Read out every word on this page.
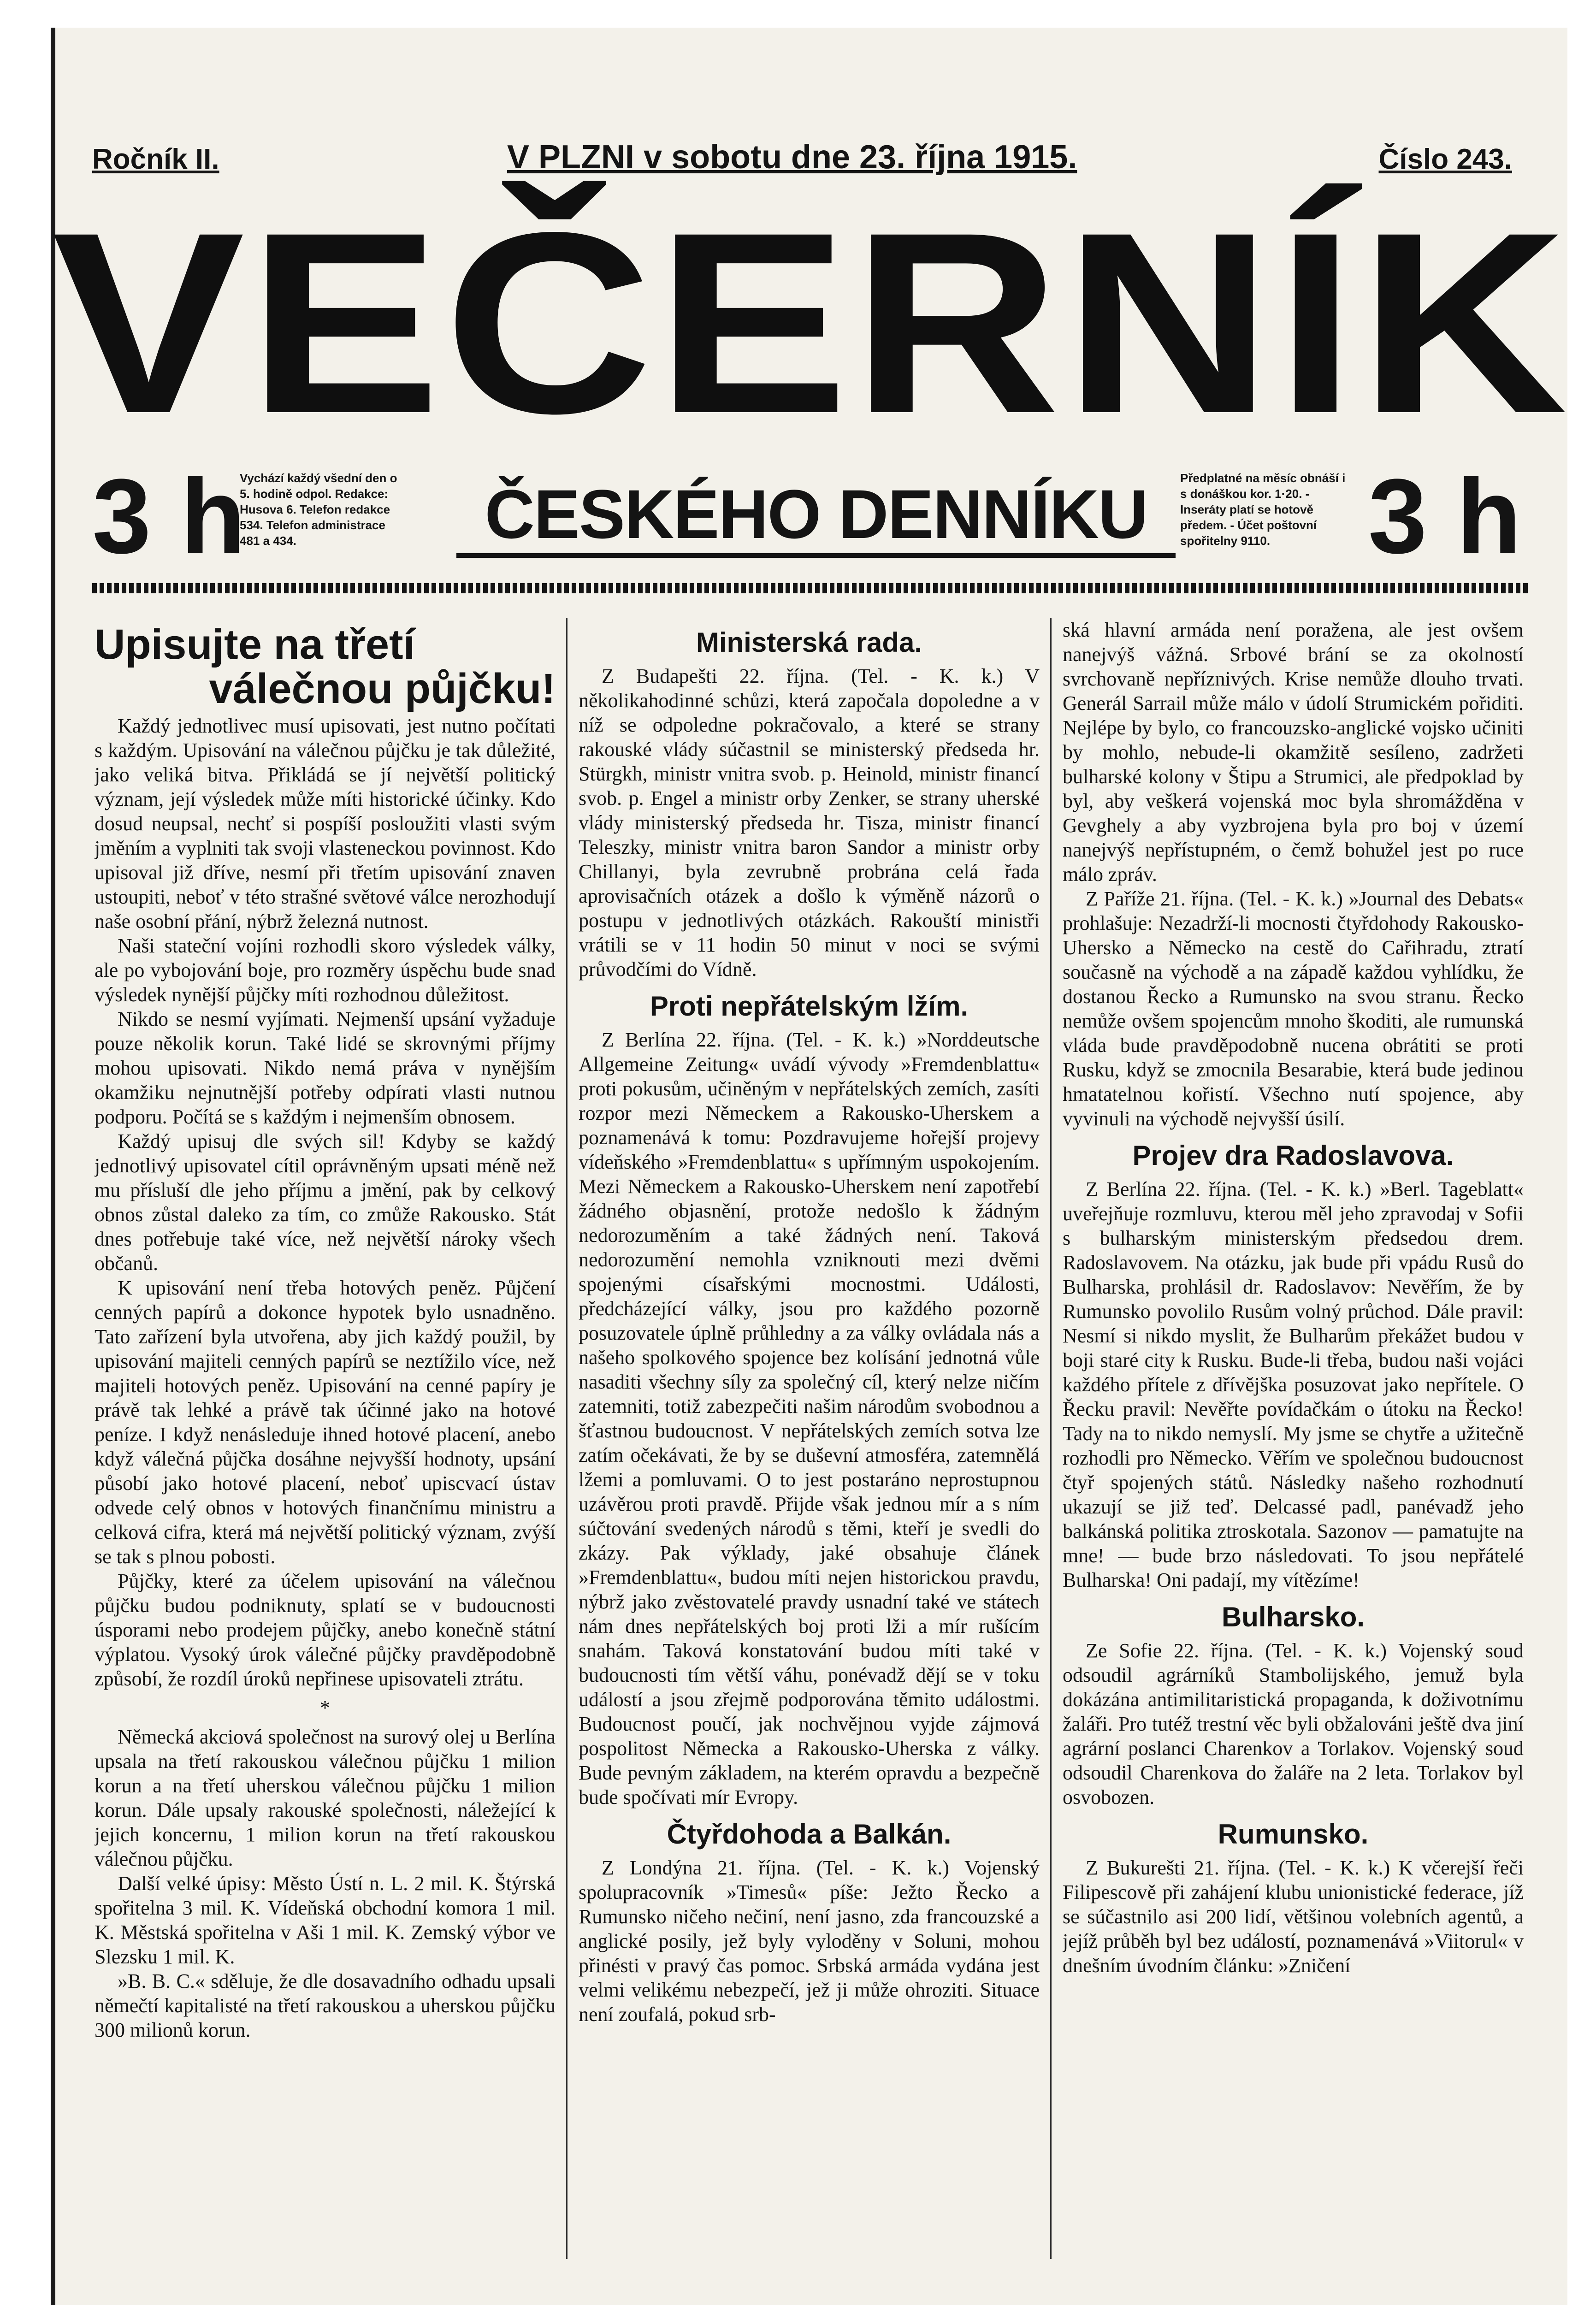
Ročník II.	V PLZNI v sobotu dne 23. října 1915.	Číslo 243.
VEČERNÍK
3 h
Vychází každý všední den o 5. hodině odpol. Redakce: Husova 6. Telefon redakce 534. Telefon administrace 481 a 434.	ČESKÉHO DENNÍKU	Předplatné na měsíc obnáší i s donáškou kor. 1·20. - Inseráty platí se hotově předem. - Účet poštovní spořitelny 9110. 3 h
Upisujte na třetí
válečnou půjčku!

Každý jednotlivec musí upisovati, jest nutno počítati s každým. Upisování na válečnou půjčku je tak důležité, jako veliká bitva. Přikládá se jí největší politický význam, její výsledek může míti historické účinky. Kdo dosud neupsal, nechť si pospíší posloužiti vlasti svým jměním a vyplniti tak svoji vlasteneckou povinnost. Kdo upisoval již dříve, nesmí při třetím upisování znaven ustoupiti, neboť v této strašné světové válce nerozhodují naše osobní přání, nýbrž železná nutnost.

Naši stateční vojíni rozhodli skoro výsledek války, ale po vybojování boje, pro rozměry úspěchu bude snad výsledek nynější půjčky míti rozhodnou důležitost.

Nikdo se nesmí vyjímati. Nejmenší upsání vyžaduje pouze několik korun. Také lidé se skrovnými příjmy mohou upisovati. Nikdo nemá práva v nynějším okamžiku nejnutnější potřeby odpírati vlasti nutnou podporu. Počítá se s každým i nejmenším obnosem.

Každý upisuj dle svých sil! Kdyby se každý jednotlivý upisovatel cítil oprávněným upsati méně než mu přísluší dle jeho příjmu a jmění, pak by celkový obnos zůstal daleko za tím, co zmůže Rakousko. Stát dnes potřebuje také více, než největší nároky všech občanů.

K upisování není třeba hotových peněz. Půjčení cenných papírů a dokonce hypotek bylo usnadněno. Tato zařízení byla utvořena, aby jich každý použil, by upisování majiteli cenných papírů se neztížilo více, než majiteli hotových peněz. Upisování na cenné papíry je právě tak lehké a právě tak účinné jako na hotové peníze. I když nenásleduje ihned hotové placení, anebo když válečná půjčka dosáhne nejvyšší hodnoty, upsání působí jako hotové placení, neboť upiscvací ústav odvede celý obnos v hotových finančnímu ministru a celková cifra, která má největší politický význam, zvýší se tak s plnou pobosti.

Půjčky, které za účelem upisování na válečnou půjčku budou podniknuty, splatí se v budoucnosti úsporami nebo prodejem půjčky, anebo konečně státní výplatou. Vysoký úrok válečné půjčky pravděpodobně způsobí, že rozdíl úroků nepřinese upisovateli ztrátu.

*

Německá akciová společnost na surový olej u Berlína upsala na třetí rakouskou válečnou půjčku 1 milion korun a na třetí uherskou válečnou půjčku 1 milion korun. Dále upsaly rakouské společnosti, náležející k jejich koncernu, 1 milion korun na třetí rakouskou válečnou půjčku.

Další velké úpisy: Město Ústí n. L. 2 mil. K. Štýrská spořitelna 3 mil. K. Vídeňská obchodní komora 1 mil. K. Městská spořitelna v Aši 1 mil. K. Zemský výbor ve Slezsku 1 mil. K.

»B. B. C.« sděluje, že dle dosavadního odhadu upsali němečtí kapitalisté na třetí rakouskou a uherskou půjčku 300 milionů korun.

Ministerská rada.

Z Budapešti 22. října. (Tel. - K. k.) V několikahodinné schůzi, která započala dopoledne a v níž se odpoledne pokračovalo, a které se strany rakouské vlády súčastnil se ministerský předseda hr. Stürgkh, ministr vnitra svob. p. Heinold, ministr financí svob. p. Engel a ministr orby Zenker, se strany uherské vlády ministerský předseda hr. Tisza, ministr financí Teleszky, ministr vnitra baron Sandor a ministr orby Chillanyi, byla zevrubně probrána celá řada aprovisačních otázek a došlo k výměně názorů o postupu v jednotlivých otázkách. Rakouští ministři vrátili se v 11 hodin 50 minut v noci se svými průvodčími do Vídně.

Proti nepřátelským lžím.

Z Berlína 22. října. (Tel. - K. k.) »Norddeutsche Allgemeine Zeitung« uvádí vývody »Fremdenblattu« proti pokusům, učiněným v nepřátelských zemích, zasíti rozpor mezi Německem a Rakousko-Uherskem a poznamenává k tomu: Pozdravujeme hořejší projevy vídeňského »Fremdenblattu« s upřímným uspokojením. Mezi Německem a Rakousko-Uherskem není zapotřebí žádného objasnění, protože nedošlo k žádným nedorozuměním a také žádných není. Taková nedorozumění nemohla vzniknouti mezi dvěmi spojenými císařskými mocnostmi. Události, předcházející války, jsou pro každého pozorně posuzovatele úplně průhledny a za války ovládala nás a našeho spolkového spojence bez kolísání jednotná vůle nasaditi všechny síly za společný cíl, který nelze ničím zatemniti, totiž zabezpečiti našim národům svobodnou a šťastnou budoucnost. V nepřátelských zemích sotva lze zatím očekávati, že by se duševní atmosféra, zatemnělá lžemi a pomluvami. O to jest postaráno neprostupnou uzávěrou proti pravdě. Přijde však jednou mír a s ním súčtování svedených národů s těmi, kteří je svedli do zkázy. Pak výklady, jaké obsahuje článek »Fremdenblattu«, budou míti nejen historickou pravdu, nýbrž jako zvěstovatelé pravdy usnadní také ve státech nám dnes nepřátelských boj proti lži a mír rušícím snahám. Taková konstatování budou míti také v budoucnosti tím větší váhu, ponévadž dějí se v toku událostí a jsou zřejmě podporována těmito událostmi. Budoucnost poučí, jak nochvějnou vyjde zájmová pospolitost Německa a Rakousko-Uherska z války. Bude pevným základem, na kterém opravdu a bezpečně bude spočívati mír Evropy.

Čtyřdohoda a Balkán.

Z Londýna 21. října. (Tel. - K. k.) Vojenský spolupracovník »Timesů« píše: Ježto Řecko a Rumunsko ničeho nečiní, není jasno, zda francouzské a anglické posily, jež byly vyloděny v Soluni, mohou přinésti v pravý čas pomoc. Srbská armáda vydána jest velmi velikému nebezpečí, jež ji může ohroziti. Situace není zoufalá, pokud srb-

ská hlavní armáda není poražena, ale jest ovšem nanejvýš vážná. Srbové brání se za okolností svrchovaně nepříznivých. Krise nemůže dlouho trvati. Generál Sarrail může málo v údolí Strumickém pořiditi. Nejlépe by bylo, co francouzsko-anglické vojsko učiniti by mohlo, nebude-li okamžitě sesíleno, zadržeti bulharské kolony v Štipu a Strumici, ale předpoklad by byl, aby veškerá vojenská moc byla shromážděna v Gevghely a aby vyzbrojena byla pro boj v území nanejvýš nepřístupném, o čemž bohužel jest po ruce málo zpráv.

Z Paříže 21. října. (Tel. - K. k.) »Journal des Debats« prohlašuje: Nezadrží-li mocnosti čtyřdohody Rakousko-Uhersko a Německo na cestě do Cařihradu, ztratí současně na východě a na západě každou vyhlídku, že dostanou Řecko a Rumunsko na svou stranu. Řecko nemůže ovšem spojencům mnoho škoditi, ale rumunská vláda bude pravděpodobně nucena obrátiti se proti Rusku, když se zmocnila Besarabie, která bude jedinou hmatatelnou kořistí. Všechno nutí spojence, aby vyvinuli na východě nejvyšší úsilí.

Projev dra Radoslavova.

Z Berlína 22. října. (Tel. - K. k.) »Berl. Tageblatt« uveřejňuje rozmluvu, kterou měl jeho zpravodaj v Sofii s bulharským ministerským předsedou drem. Radoslavovem. Na otázku, jak bude při vpádu Rusů do Bulharska, prohlásil dr. Radoslavov: Nevěřím, že by Rumunsko povolilo Rusům volný průchod. Dále pravil: Nesmí si nikdo myslit, že Bulharům překážet budou v boji staré city k Rusku. Bude-li třeba, budou naši vojáci každého přítele z dřívějška posuzovat jako nepřítele. O Řecku pravil: Nevěřte povídačkám o útoku na Řecko! Tady na to nikdo nemyslí. My jsme se chytře a užitečně rozhodli pro Německo. Věřím ve společnou budoucnost čtyř spojených států. Následky našeho rozhodnutí ukazují se již teď. Delcassé padl, panévadž jeho balkánská politika ztroskotala. Sazonov — pamatujte na mne! — bude brzo následovati. To jsou nepřátelé Bulharska! Oni padají, my vítězíme!

Bulharsko.

Ze Sofie 22. října. (Tel. - K. k.) Vojenský soud odsoudil agrárníků Stambolijského, jemuž byla dokázána antimilitaristická propaganda, k doživotnímu žaláři. Pro tutéž trestní věc byli obžalováni ještě dva jiní agrární poslanci Charenkov a Torlakov. Vojenský soud odsoudil Charenkova do žaláře na 2 leta. Torlakov byl osvobozen.

Rumunsko.

Z Bukurešti 21. října. (Tel. - K. k.) K včerejší řeči Filipescově při zahájení klubu unionistické federace, jíž se súčastnilo asi 200 lidí, většinou volebních agentů, a jejíž průběh byl bez událostí, poznamenává »Viitorul« v dnešním úvodním článku: »Zničení
